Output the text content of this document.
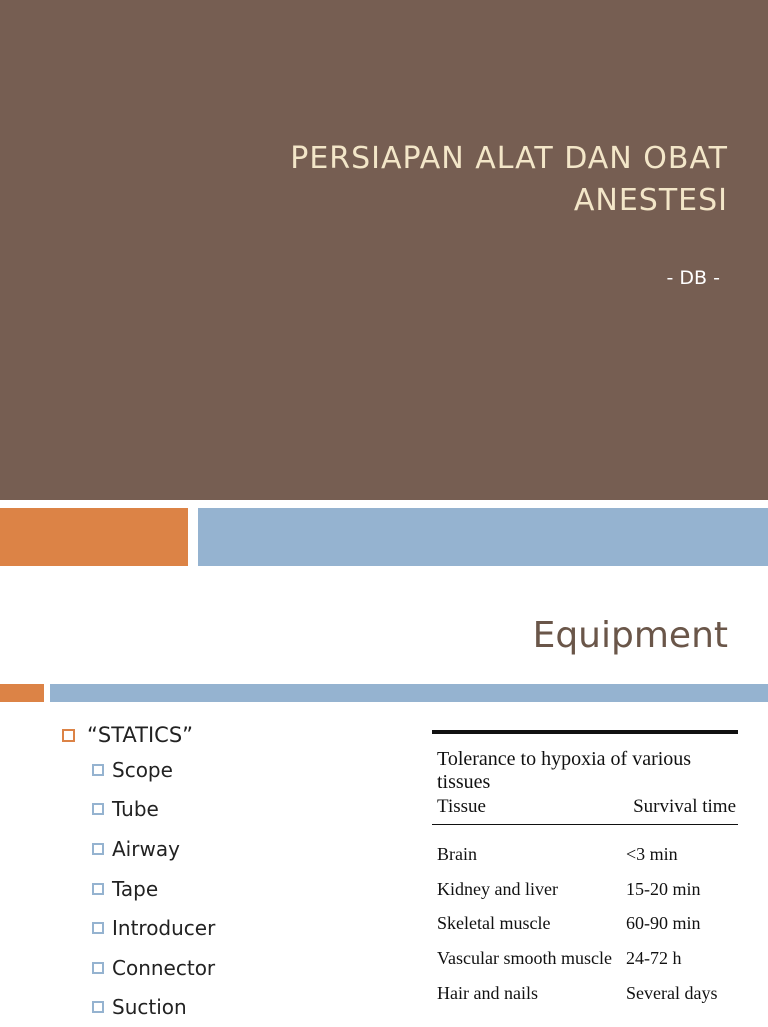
PERSIAPAN ALAT DAN OBAT
ANESTESI
- DB -
Equipment
“STATICS”
Scope
Tube
Airway
Tape
Introducer
Connector
Suction
Tolerance to hypoxia of various tissues
Tissue	Survival time
Brain	<3 min
Kidney and liver	15-20 min
Skeletal muscle	60-90 min
Vascular smooth muscle 24-72 h
Hair and nails	Several days
